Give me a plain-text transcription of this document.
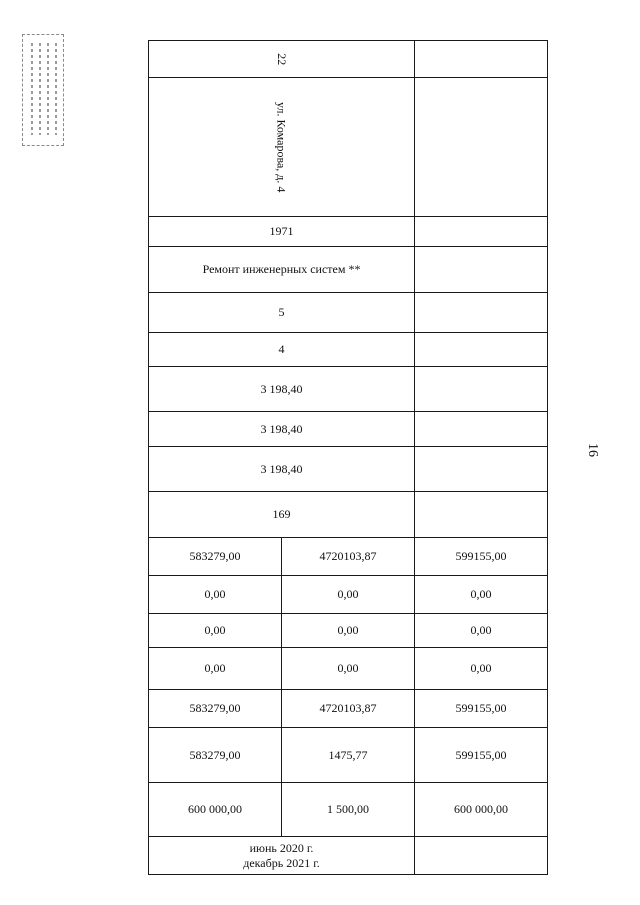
16
22		
ул. Комарова, д. 4		
1971		
Ремонт инженерных систем **		
5		
4		
3 198,40		
3 198,40		
3 198,40		
169		
583279,00	4720103,87	599155,00
0,00	0,00	0,00
0,00	0,00	0,00
0,00	0,00	0,00
583279,00	4720103,87	599155,00
583279,00	1475,77	599155,00
600 000,00	1 500,00	600 000,00

июнь 2020 г.
декабрь 2021 г.		
